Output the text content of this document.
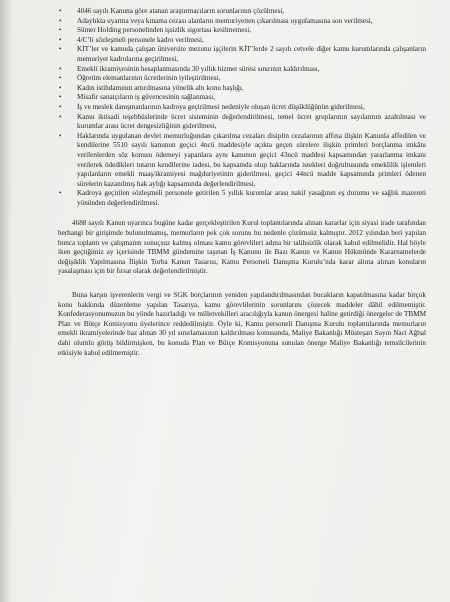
• 4046 sayılı Kanuna göre atanan araştırmacıların sorunlarının çözülmesi,
• Adaylıkta uyarma veya kınama cezası alanların memuriyetten çıkarılması uygulamasına son verilmesi,
• Sümer Holding personelinden işsizlik sigortası kesilmemesi,
• 4/C’li sözleşmeli personele kadro verilmesi,
• KİT’ler ve kamuda çalışan üniversite mezunu işçilerin KİT’lerde 2 sayılı cetvele diğer kamu kurumlarında çalışanların memuriyet kadrolarına geçirilmesi,
• Emekli ikramiyesinin hesaplanmasında 30 yıllık hizmet süresi sınırının kaldırılması,
• Öğretim elemanlarının ücretlerinin iyileştirilmesi,
• Kadın istihdamının artırılmasına yönelik altı konu başlığı,
• Misafir sanatçıların iş güvencesinin sağlanması,
• İş ve meslek danışmanlarının kadroya geçirilmesi nedeniyle oluşan ücret düşüklüğünün giderilmesi,
• Kamu iktisadi teşebbüslerinde ücret sisteminin değerlendirilmesi, temel ücret gruplarının sayılarının azaltılması ve kurumlar arası ücret dengesizliğinin giderilmesi,
• Haklarında uygulanan devlet memurluğundan çıkarılma cezaları disiplin cezalarının affına ilişkin Kanunla affedilen ve kendilerine 5510 sayılı kanunun geçici 4ncü maddesiyle açıkta geçen sürelere ilişkin primleri borçlanma imkânı verilenlerden söz konusu ödemeyi yapanlara aynı kanunun geçici 43ncü maddesi kapsamından yararlanma imkanı verilerek ödedikleri tutarın kendilerine iadesi, bu kapsamda olup haklarında istekleri doğrultusunda emeklilik işlemleri yapılanların emekli maaş/ikramiyesi mağduriyetinin giderilmesi, geçici 44ncü madde kapsamında primleri ödenen sürelerin kazanılmış hak aylığı kapsamında değerlendirilmesi,
• Kadroya geçirilen sözleşmeli personele getirilen 5 yıllık kurumlar arası nakil yasağının eş durumu ve sağlık mazereti yönünden değerlendirilmesi.

4688 sayılı Kanun uyarınca bugüne kadar gerçekleştirilen Kurul toplantılarında alınan kararlar için siyasi irade tarafından herhangi bir girişimde bulunulmamış, memurların pek çok sorunu bu nedenle çözümsüz kalmıştır. 2012 yılından beri yapılan bunca toplantı ve çalışmanın sonuçsuz kalmış olması kamu görevlileri adına bir talihsizlik olarak kabul edilmelidir. Hal böyle iken geçtiğimiz ay içerisinde TBMM gündemine taşınan İş Kanunu ile Bazı Kanun ve Kanun Hükmünde Kararnamelerde değişiklik Yapılmasına İlişkin Torba Kanun Tasarısı, Kamu Personeli Danışma Kurulu’nda karar altına alınan konuların yasalaşması için bir fırsat olarak değerlendirilmiştir.

Buna karşın işverenlerin vergi ve SGK borçlarının yeniden yapılandırılmasından bucakların kapatılmasına kadar birçok konu hakkında düzenleme yapılan Tasarıya, kamu görevlilerinin sorunlarını çözecek maddeler dâhil edilmemiştir. Konfederasyonumuzun bu yönde hazırladığı ve milletvekilleri aracılığıyla kanun önergesi haline getirdiği önergeler de TBMM Plan ve Bütçe Komisyonu üyelerince reddedilmiştir. Öyle ki, Kamu personeli Danışma Kurulu toplantılarında memurların emekli ikramiyelerinde baz alınan 30 yıl sınırlamasının kaldırılması konusunda, Maliye Bakanlığı Müsteşarı Sayın Naci Ağbal dahi olumlu görüş bildirmişken, bu konuda Plan ve Bütçe Komisyonuna sunulan önerge Maliye Bakanlığı temsilcilerinin etkisiyle kabul edilmemiştir.
